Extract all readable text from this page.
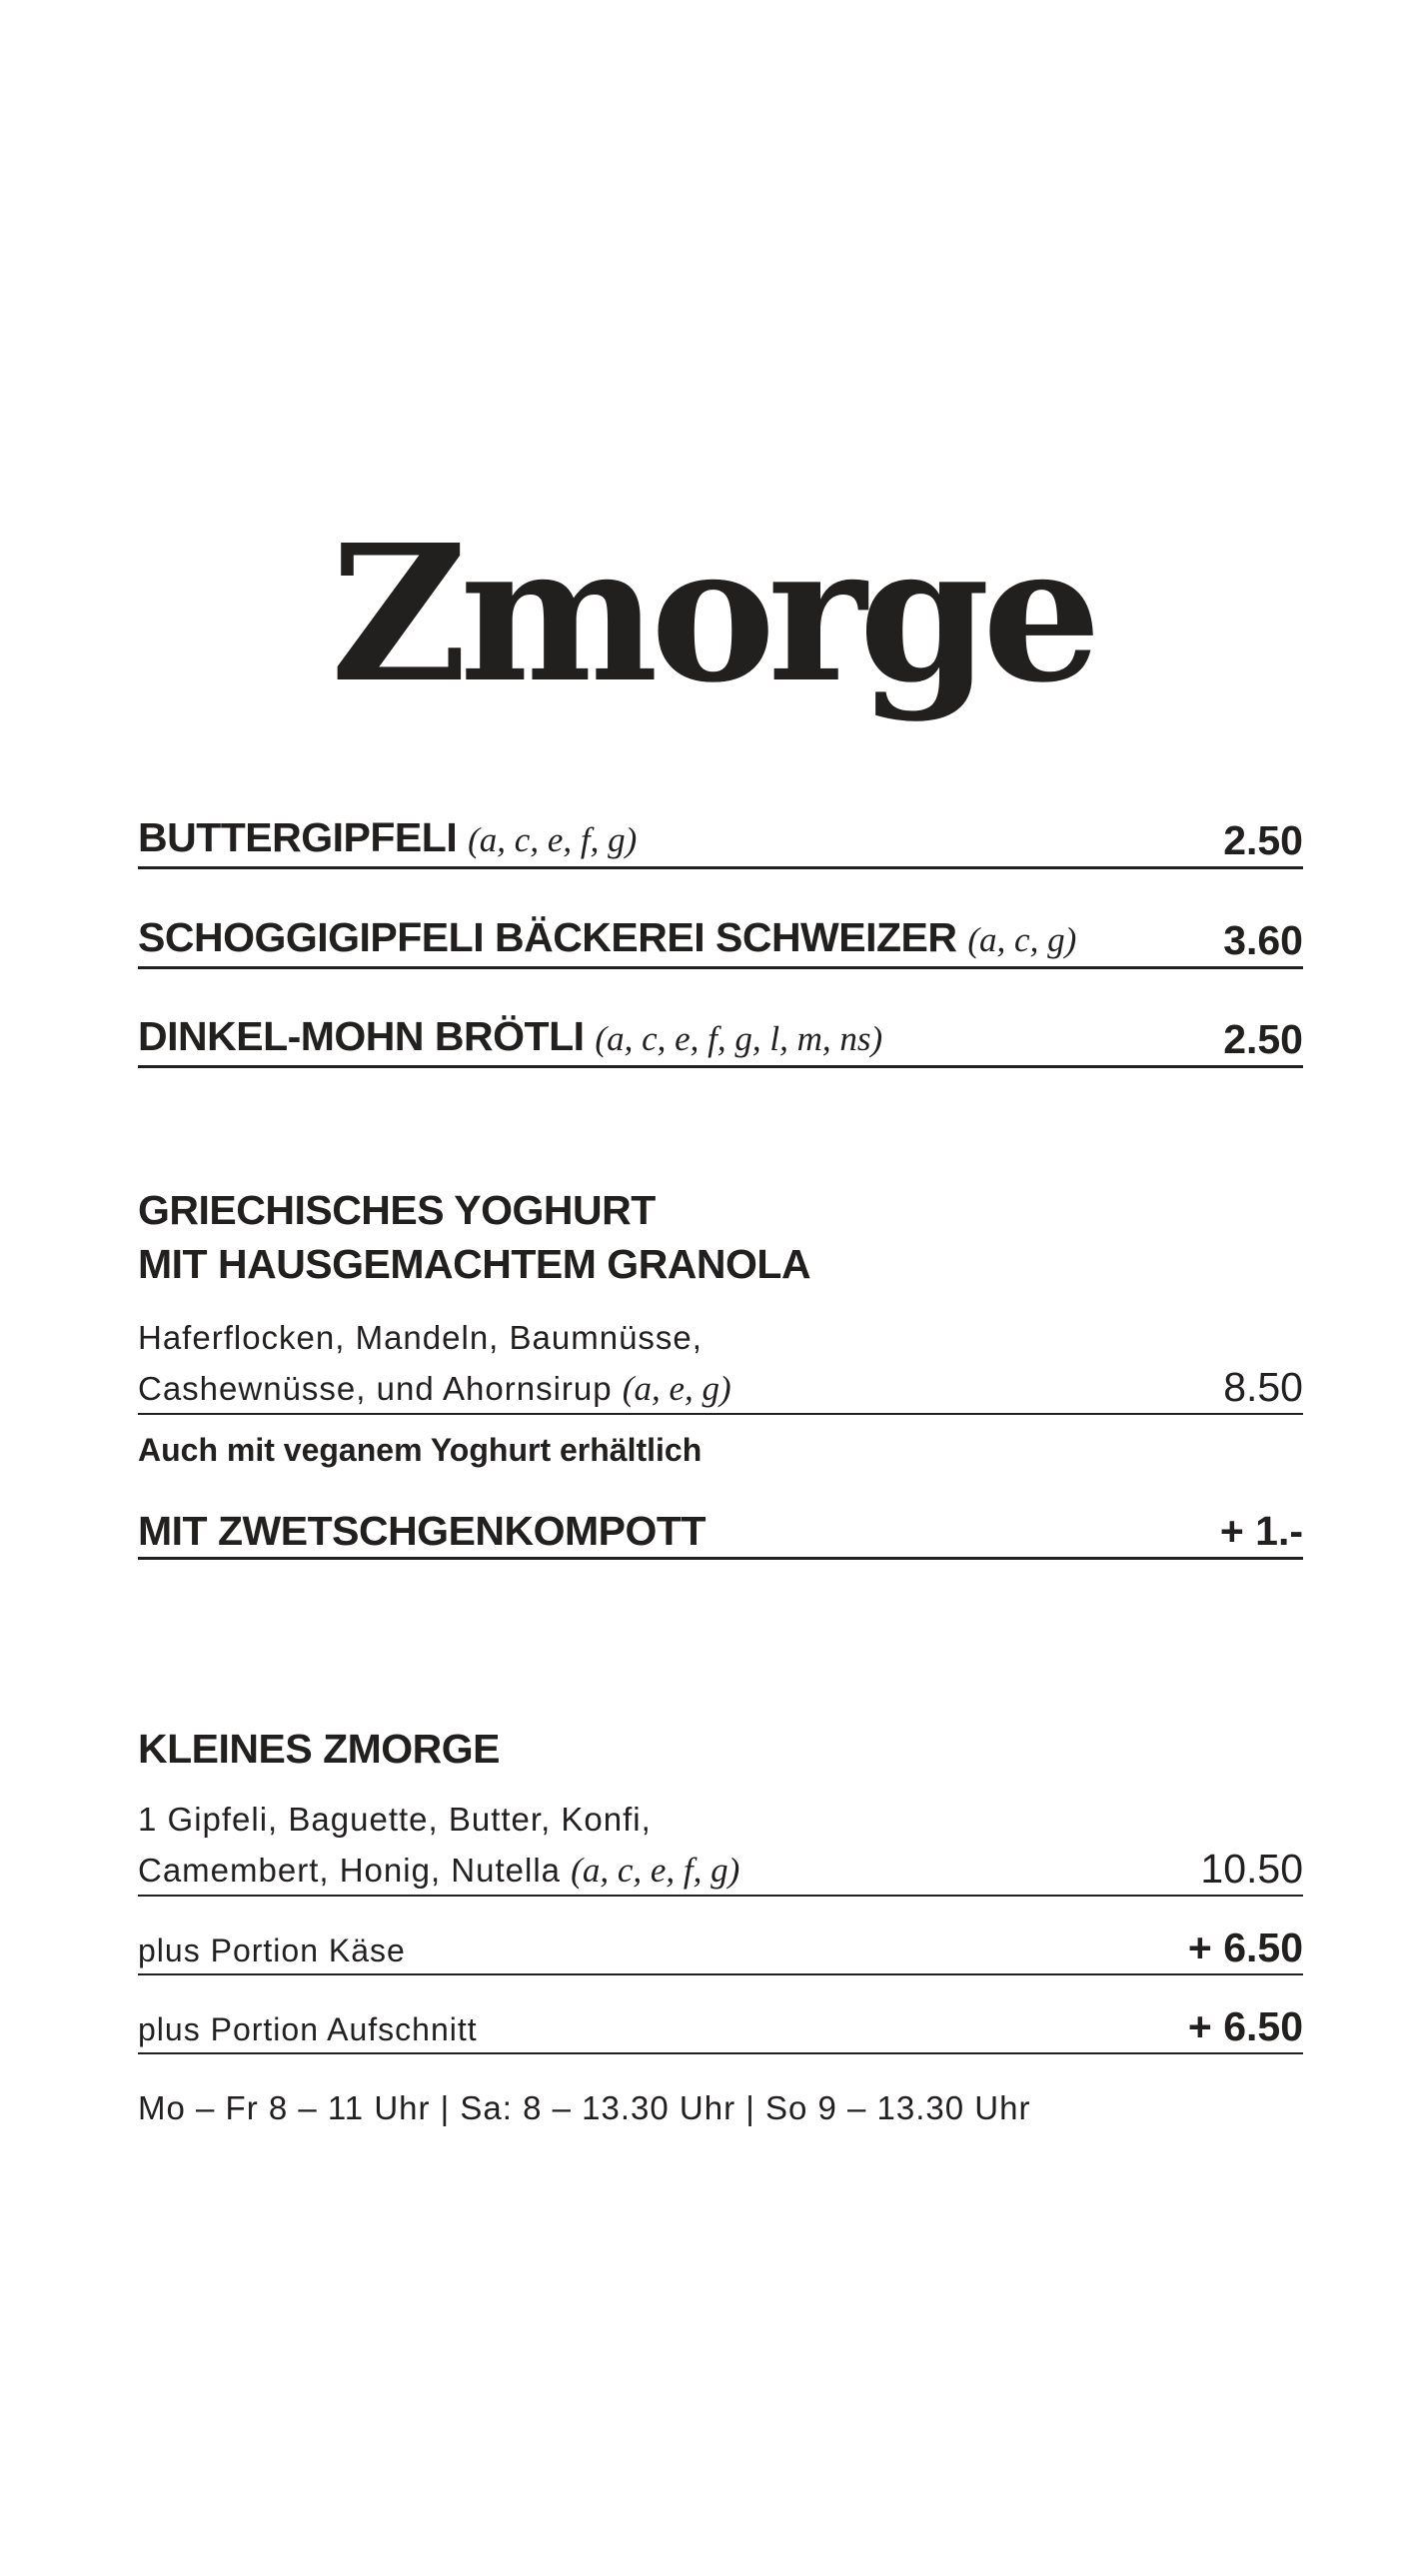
Zmorge
BUTTERGIPFELI (a, c, e, f, g)	2.50
SCHOGGIGIPFELI BÄCKEREI SCHWEIZER (a, c, g)	3.60
DINKEL-MOHN BRÖTLI (a, c, e, f, g, l, m, ns)	2.50
GRIECHISCHES YOGHURT
MIT HAUSGEMACHTEM GRANOLA
Haferflocken, Mandeln, Baumnüsse,
Cashewnüsse, und Ahornsirup (a, e, g)	8.50
Auch mit veganem Yoghurt erhältlich
MIT ZWETSCHGENKOMPOTT	+ 1.-
KLEINES ZMORGE
1 Gipfeli, Baguette, Butter, Konfi,
Camembert, Honig, Nutella (a, c, e, f, g)	10.50
plus Portion Käse	+ 6.50
plus Portion Aufschnitt	+ 6.50
Mo – Fr 8 – 11 Uhr | Sa: 8 – 13.30 Uhr | So 9 – 13.30 Uhr
